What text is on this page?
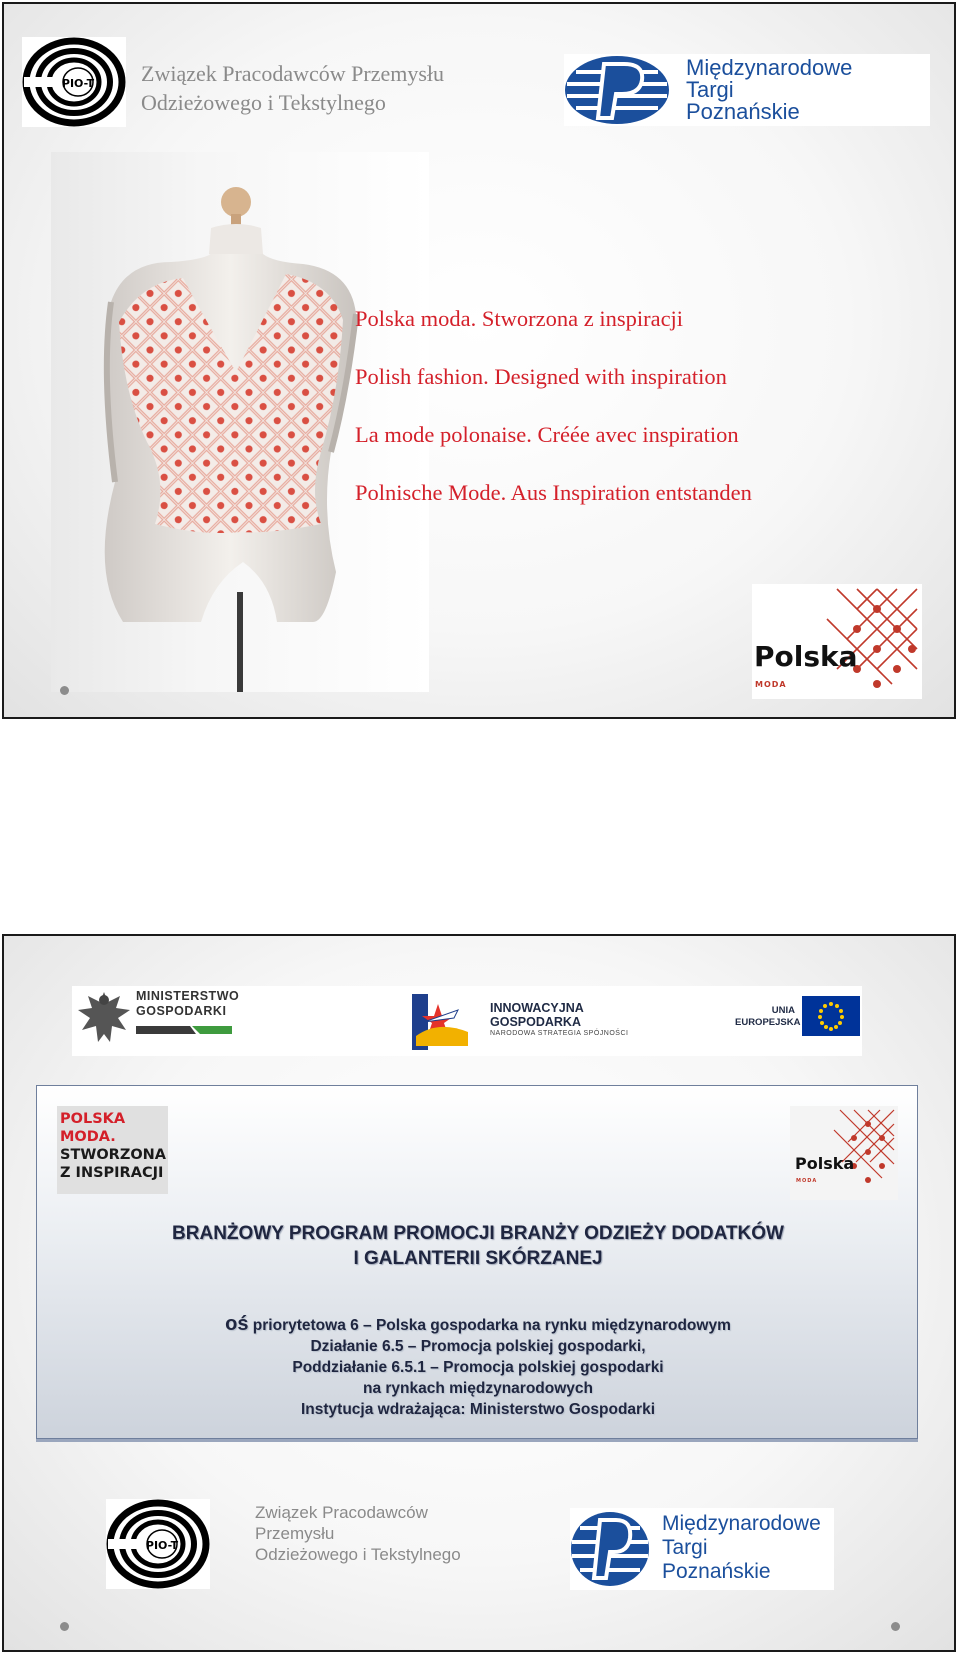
PIO-T Związek Pracodawców Przemysłu
Odzieżowego i Tekstylnego
Międzynarodowe
Targi
Poznańskie
Polska moda. Stworzona z inspiracji
Polish fashion. Designed with inspiration
La mode polonaise. Créée avec inspiration
Polnische Mode. Aus Inspiration entstanden
Polska
MODA
MINISTERSTWO
GOSPODARKI	INNOWACYJNA
GOSPODARKA
NARODOWA STRATEGIA SPÓJNOŚCI
UNIA
EUROPEJSKA
POLSKA
MODA.
STWORZONA
Z INSPIRACJI	Polska
MODA
BRANŻOWY PROGRAM PROMOCJI BRANŻY ODZIEŻY DODATKÓW
I GALANTERII SKÓRZANEJ
oś priorytetowa 6 – Polska gospodarka na rynku międzynarodowym
Działanie 6.5 – Promocja polskiej gospodarki,
Poddziałanie 6.5.1 – Promocja polskiej gospodarki
na rynkach międzynarodowych
Instytucja wdrażająca: Ministerstwo Gospodarki
PIO-T
Związek Pracodawców
Przemysłu
Odzieżowego i Tekstylnego
Międzynarodowe
Targi
Poznańskie
